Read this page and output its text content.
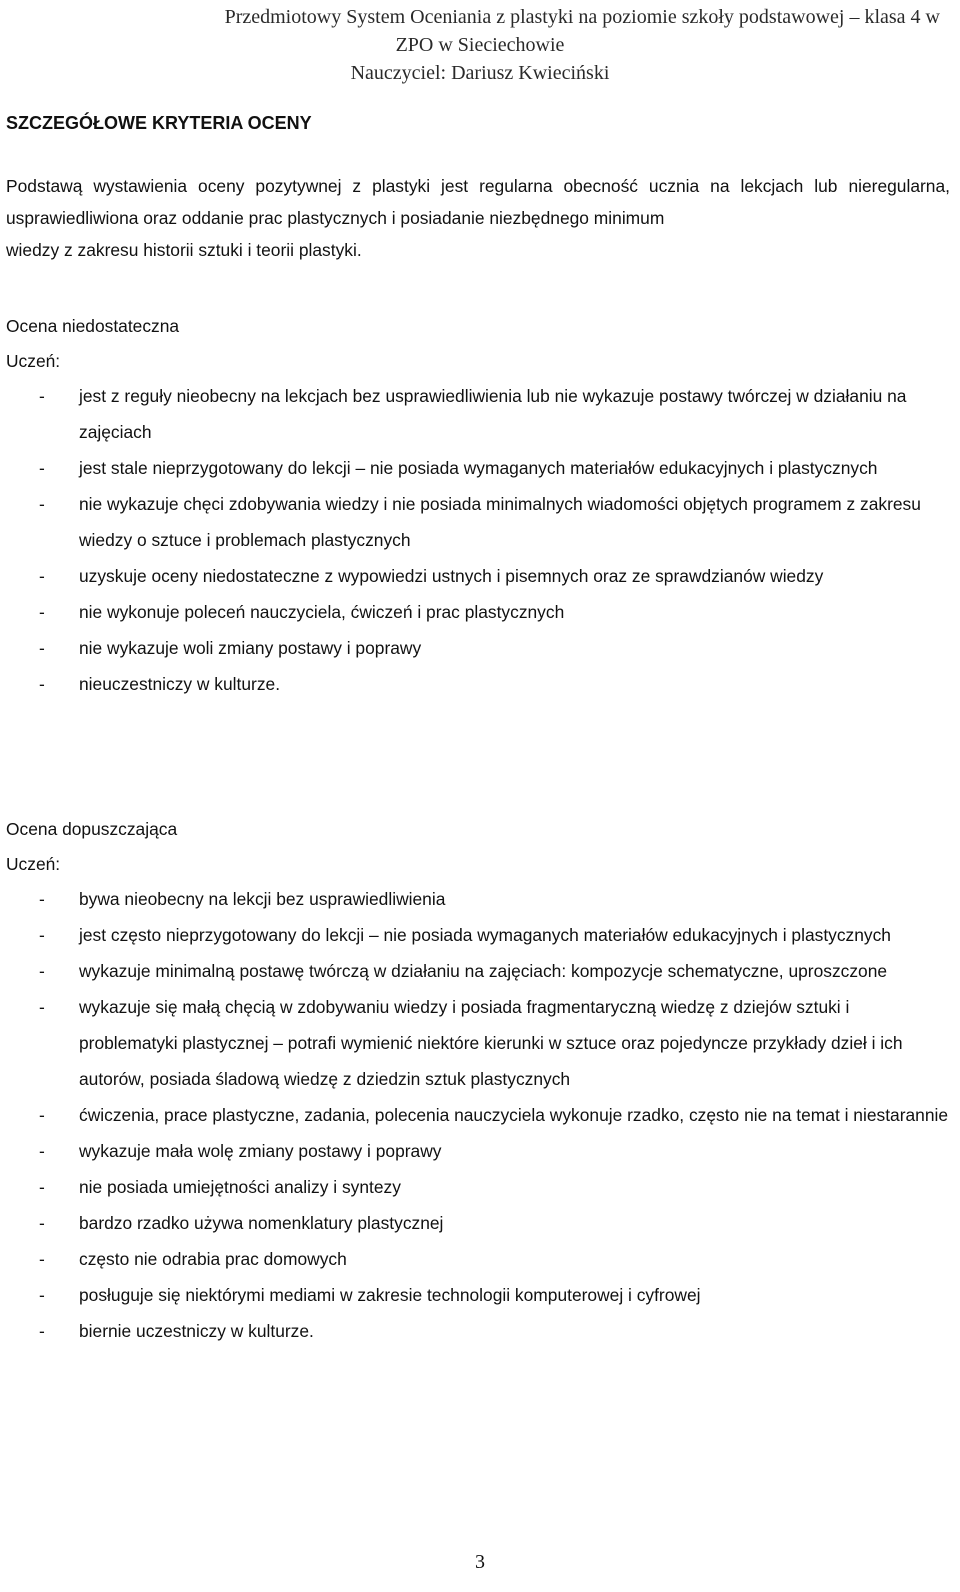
Przedmiotowy System Oceniania z plastyki na poziomie szkoły podstawowej – klasa 4 w
ZPO w Sieciechowie
Nauczyciel: Dariusz Kwieciński
SZCZEGÓŁOWE KRYTERIA OCENY
Podstawą wystawienia oceny pozytywnej z plastyki jest regularna obecność ucznia na lekcjach lub nieregularna, usprawiedliwiona oraz oddanie prac plastycznych i posiadanie niezbędnego minimum
wiedzy z zakresu historii sztuki i teorii plastyki.
Ocena niedostateczna
Uczeń:
- jest z reguły nieobecny na lekcjach bez usprawiedliwienia lub nie wykazuje postawy twórczej w działaniu na zajęciach
- jest stale nieprzygotowany do lekcji – nie posiada wymaganych materiałów edukacyjnych i plastycznych
- nie wykazuje chęci zdobywania wiedzy i nie posiada minimalnych wiadomości objętych programem z zakresu wiedzy o sztuce i problemach plastycznych
- uzyskuje oceny niedostateczne z wypowiedzi ustnych i pisemnych oraz ze sprawdzianów wiedzy
- nie wykonuje poleceń nauczyciela, ćwiczeń i prac plastycznych
- nie wykazuje woli zmiany postawy i poprawy
- nieuczestniczy w kulturze.
Ocena dopuszczająca
Uczeń:
- bywa nieobecny na lekcji bez usprawiedliwienia
- jest często nieprzygotowany do lekcji – nie posiada wymaganych materiałów edukacyjnych i plastycznych
- wykazuje minimalną postawę twórczą w działaniu na zajęciach: kompozycje schematyczne, uproszczone
- wykazuje się małą chęcią w zdobywaniu wiedzy i posiada fragmentaryczną wiedzę z dziejów sztuki i problematyki plastycznej – potrafi wymienić niektóre kierunki w sztuce oraz pojedyncze przykłady dzieł i ich autorów, posiada śladową wiedzę z dziedzin sztuk plastycznych
- ćwiczenia, prace plastyczne, zadania, polecenia nauczyciela wykonuje rzadko, często nie na temat i niestarannie
- wykazuje mała wolę zmiany postawy i poprawy
- nie posiada umiejętności analizy i syntezy
- bardzo rzadko używa nomenklatury plastycznej
- często nie odrabia prac domowych
- posługuje się niektórymi mediami w zakresie technologii komputerowej i cyfrowej
- biernie uczestniczy w kulturze.
3
